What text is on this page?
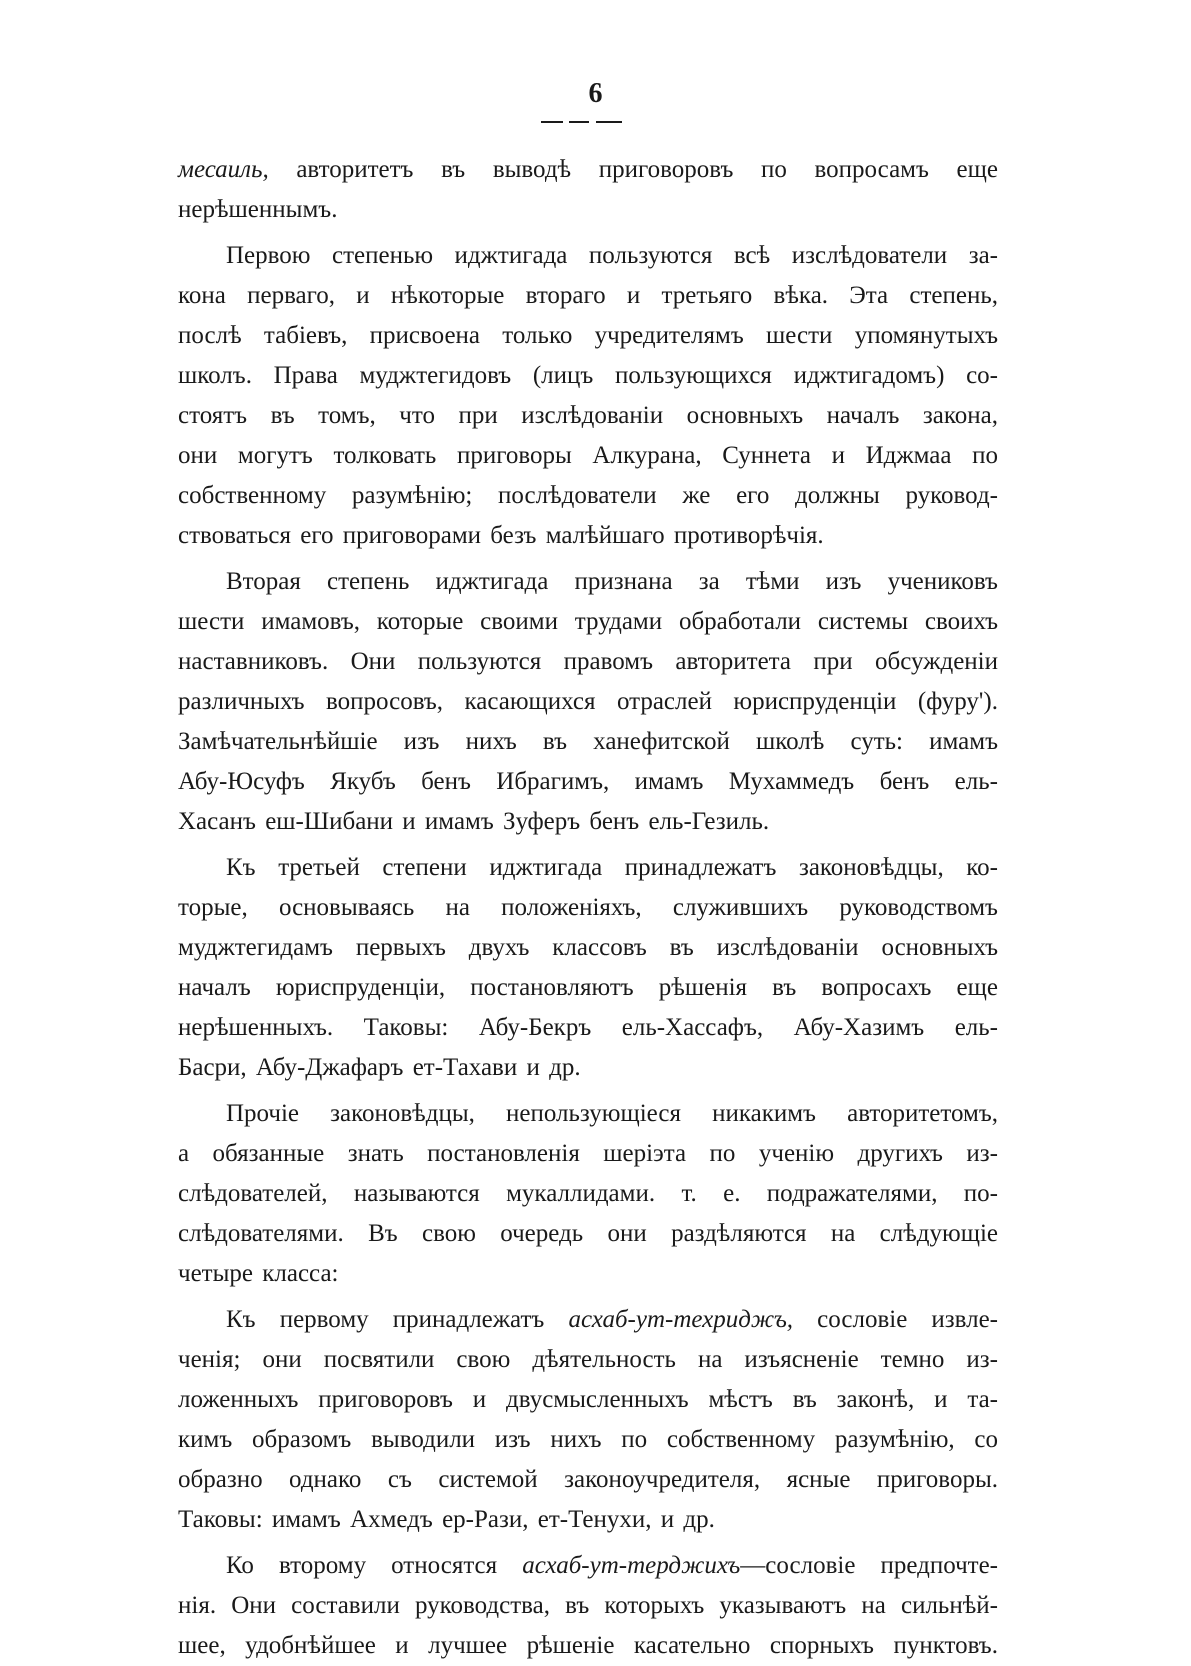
6
месаиль, авторитетъ въ выводѣ приговоровъ по вопросамъ еще
нерѣшеннымъ.
Первою степенью иджтигада пользуются всѣ изслѣдователи за-
кона перваго, и нѣкоторые втораго и третьяго вѣка. Эта степень,
послѣ табіевъ, присвоена только учредителямъ шести упомянутыхъ
школъ. Права муджтегидовъ (лицъ пользующихся иджтигадомъ) со-
стоятъ въ томъ, что при изслѣдованіи основныхъ началъ закона,
они могутъ толковать приговоры Алкурана, Суннета и Иджмаа по
собственному разумѣнію; послѣдователи же его должны руковод-
ствоваться его приговорами безъ малѣйшаго противорѣчія.
Вторая степень иджтигада признана за тѣми изъ учениковъ
шести имамовъ, которые своими трудами обработали системы своихъ
наставниковъ. Они пользуются правомъ авторитета при обсужденіи
различныхъ вопросовъ, касающихся отраслей юриспруденціи (фуру').
Замѣчательнѣйшіе изъ нихъ въ ханефитской школѣ суть: имамъ
Абу-Юсуфъ Якубъ бенъ Ибрагимъ, имамъ Мухаммедъ бенъ ель-
Хасанъ еш-Шибани и имамъ Зуферъ бенъ ель-Гезиль.
Къ третьей степени иджтигада принадлежатъ законовѣдцы, ко-
торые, основываясь на положеніяхъ, служившихъ руководствомъ
муджтегидамъ первыхъ двухъ классовъ въ изслѣдованіи основныхъ
началъ юриспруденціи, постановляютъ рѣшенія въ вопросахъ еще
нерѣшенныхъ. Таковы: Абу-Бекръ ель-Хассафъ, Абу-Хазимъ ель-
Басри, Абу-Джафаръ ет-Тахави и др.
Прочіе законовѣдцы, непользующіеся никакимъ авторитетомъ,
а обязанные знать постановленія шеріэта по ученію другихъ из-
слѣдователей, называются мукаллидами. т. е. подражателями, по-
слѣдователями. Въ свою очередь они раздѣляются на слѣдующіе
четыре класса:
Къ первому принадлежатъ асхаб-ут-техриджъ, сословіе извле-
ченія; они посвятили свою дѣятельность на изъясненіе темно из-
ложенныхъ приговоровъ и двусмысленныхъ мѣстъ въ законѣ, и та-
кимъ образомъ выводили изъ нихъ по собственному разумѣнію, со
образно однако съ системой законоучредителя, ясные приговоры.
Таковы: имамъ Ахмедъ ер-Рази, ет-Тенухи, и др.
Ко второму относятся асхаб-ут-терджихъ—сословіе предпочте-
нія. Они составили руководства, въ которыхъ указываютъ на сильнѣй-
шее, удобнѣйшее и лучшее рѣшеніе касательно спорныхъ пунктовъ.
